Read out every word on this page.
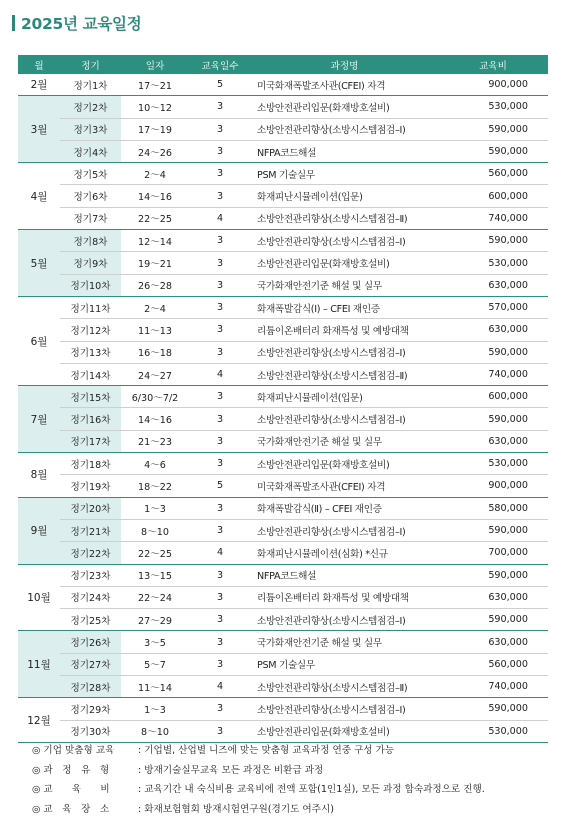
2025년 교육일정
월	정기	일자	교육일수	과정명	교육비
2월	정기1차	17～21	5	미국화재폭발조사관(CFEI) 자격	900,000
3월	정기2차	10～12	3	소방안전관리입문(화재방호설비)	530,000
	정기3차	17～19	3	소방안전관리향상(소방시스템점검–Ⅰ)	590,000
	정기4차	24～26	3	NFPA코드해설	590,000
4월	정기5차	2～4	3	PSM 기술실무	560,000
	정기6차	14～16	3	화재피난시뮬레이션(입문)	600,000
	정기7차	22～25	4	소방안전관리향상(소방시스템점검–Ⅱ)	740,000
5월	정기8차	12～14	3	소방안전관리향상(소방시스템점검–Ⅰ)	590,000
	정기9차	19～21	3	소방안전관리입문(화재방호설비)	530,000
	정기10차	26～28	3	국가화재안전기준 해설 및 실무	630,000
6월	정기11차	2～4	3	화재폭발감식(Ⅰ) – CFEI 재인증	570,000
	정기12차	11～13	3	리튬이온배터리 화재특성 및 예방대책	630,000
	정기13차	16～18	3	소방안전관리향상(소방시스템점검–Ⅰ)	590,000
	정기14차	24～27	4	소방안전관리향상(소방시스템점검–Ⅱ)	740,000
7월	정기15차	6/30～7/2	3	화재피난시뮬레이션(입문)	600,000
	정기16차	14～16	3	소방안전관리향상(소방시스템점검–Ⅰ)	590,000
	정기17차	21～23	3	국가화재안전기준 해설 및 실무	630,000
8월	정기18차	4～6	3	소방안전관리입문(화재방호설비)	530,000
	정기19차	18～22	5	미국화재폭발조사관(CFEI) 자격	900,000
9월	정기20차	1～3	3	화재폭발감식(Ⅱ) – CFEI 재인증	580,000
	정기21차	8～10	3	소방안전관리향상(소방시스템점검–Ⅰ)	590,000
	정기22차	22～25	4	화재피난시뮬레이션(심화) *신규	700,000
10월	정기23차	13～15	3	NFPA코드해설	590,000
	정기24차	22～24	3	리튬이온배터리 화재특성 및 예방대책	630,000
	정기25차	27～29	3	소방안전관리향상(소방시스템점검–Ⅰ)	590,000
11월	정기26차	3～5	3	국가화재안전기준 해설 및 실무	630,000
	정기27차	5～7	3	PSM 기술실무	560,000
	정기28차	11～14	4	소방안전관리향상(소방시스템점검–Ⅱ)	740,000
12월	정기29차	1～3	3	소방안전관리향상(소방시스템점검–Ⅰ)	590,000
	정기30차	8～10	3	소방안전관리입문(화재방호설비)	530,000
◎ 기업 맞춤형 교육	: 기업별, 산업별 니즈에 맞는 맞춤형 교육과정 연중 구성 가능
◎ 과　정　유　형	: 방재기술실무교육 모든 과정은 비환급 과정
◎ 교　　육　　비	: 교육기간 내 숙식비용 교육비에 전액 포함(1인1실), 모든 과정 합숙과정으로 진행.
◎ 교　육　장　소	: 화재보험협회 방재시험연구원(경기도 여주시)
